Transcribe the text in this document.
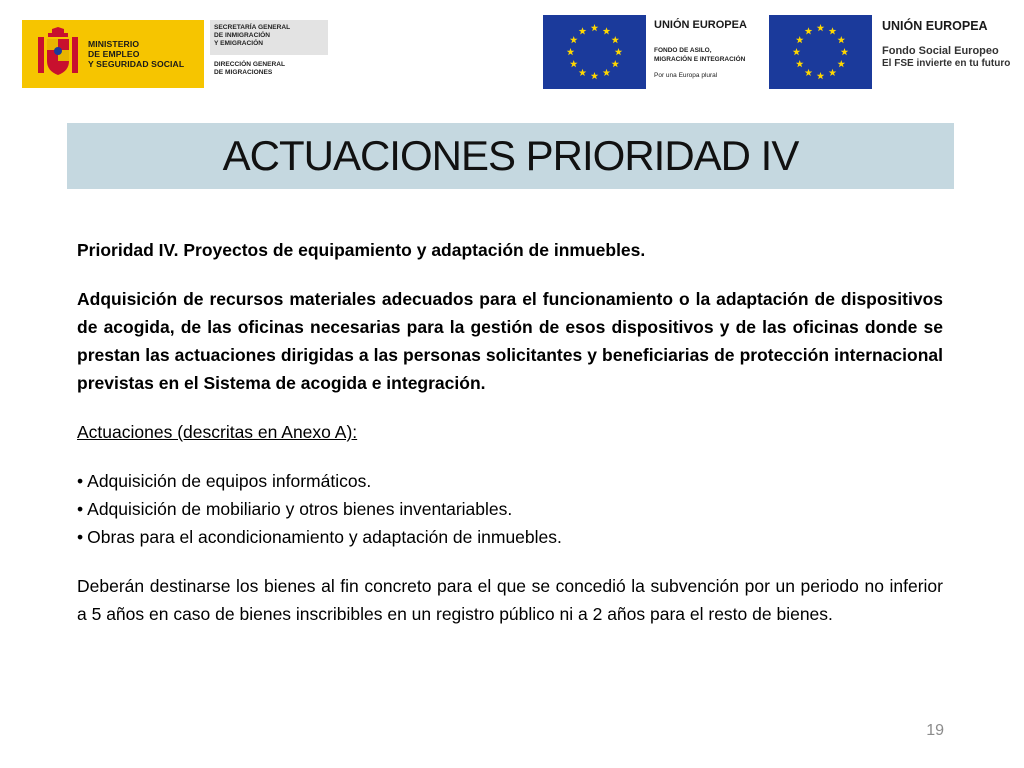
MINISTERIO
DE EMPLEO
Y SEGURIDAD SOCIAL
SECRETARÍA GENERAL
DE INMIGRACIÓN
Y EMIGRACIÓN
DIRECCIÓN GENERAL
DE MIGRACIONES
UNIÓN EUROPEA
FONDO DE ASILO,
MIGRACIÓN E INTEGRACIÓN
Por una Europa plural
UNIÓN EUROPEA
Fondo Social Europeo
El FSE invierte en tu futuro
ACTUACIONES PRIORIDAD IV

Prioridad IV. Proyectos de equipamiento y adaptación de inmuebles.

Adquisición de recursos materiales adecuados para el funcionamiento o la adaptación de dispositivos de acogida, de las oficinas necesarias para la gestión de esos dispositivos y de las oficinas donde se prestan las actuaciones dirigidas a las personas solicitantes y beneficiarias de protección internacional previstas en el Sistema de acogida e integración.

Actuaciones (descritas en Anexo A):

• Adquisición de equipos informáticos.
• Adquisición de mobiliario y otros bienes inventariables.
• Obras para el acondicionamiento y adaptación de inmuebles.

Deberán destinarse los bienes al fin concreto para el que se concedió la subvención por un periodo no inferior a 5 años en caso de bienes inscribibles en un registro público ni a 2 años para el resto de bienes.

19
